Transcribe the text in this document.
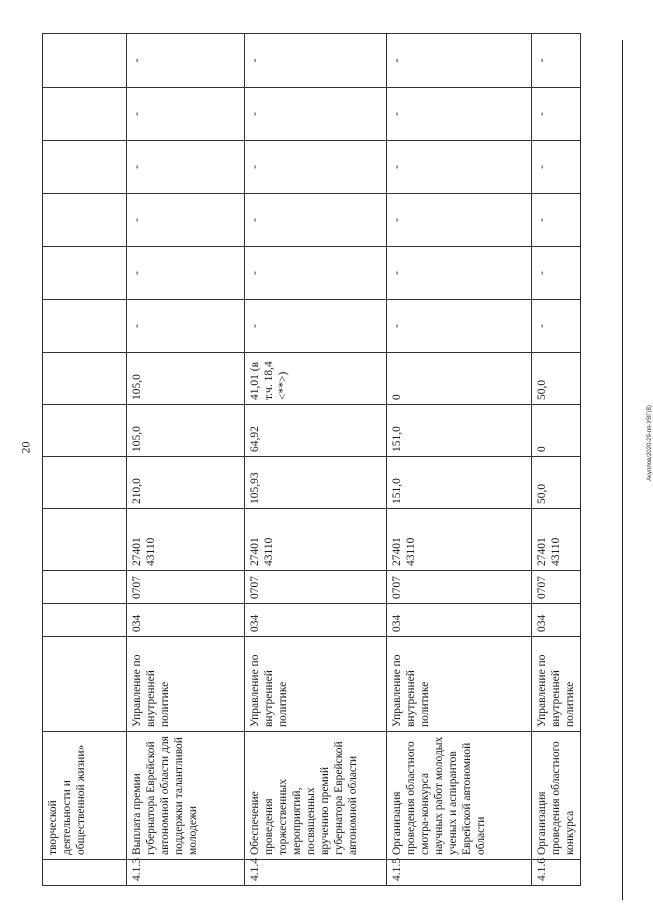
20	Акуллов/2020-29-пп-УВГ(8)
	творческой деятельности и общественной жизни»													
4.1.3	Выплата премии губернатора Еврейской автономной области для поддержки талантливой молодежи	Управление по внутренней политике	034	0707	27401 43110	210,0	105,0	105,0	-	-	-	-	-	-
4.1.4	Обеспечение проведения торжественных мероприятий, посвященных вручению премий губернатора Еврейской автономной области	Управление по внутренней политике	034	0707	27401 43110	105,93	64,92	41,01 (в т.ч. 18,4 <**>)	-	-	-	-	-	-
4.1.5	Организация проведения областного смотра-конкурса научных работ молодых ученых и аспирантов Еврейской автономной области	Управление по внутренней политике	034	0707	27401 43110	151,0	151,0	0	-	-	-	-	-	-
4.1.6	Организация проведения областного конкурса	Управление по внутренней политике	034	0707	27401 43110	50,0	0	50,0	-	-	-	-	-	-
